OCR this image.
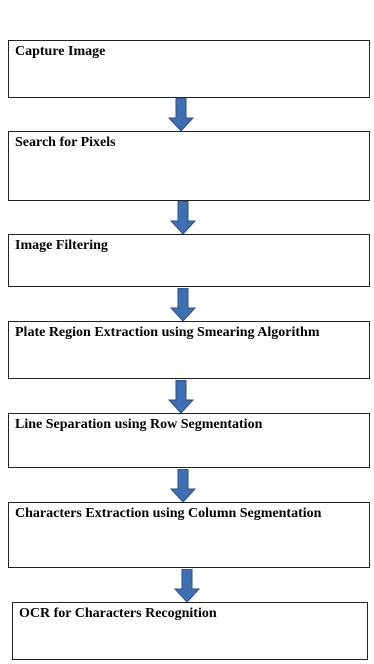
Capture Image
Search for Pixels
Image Filtering
Plate Region Extraction using Smearing Algorithm
Line Separation using Row Segmentation
Characters Extraction using Column Segmentation
OCR for Characters Recognition
